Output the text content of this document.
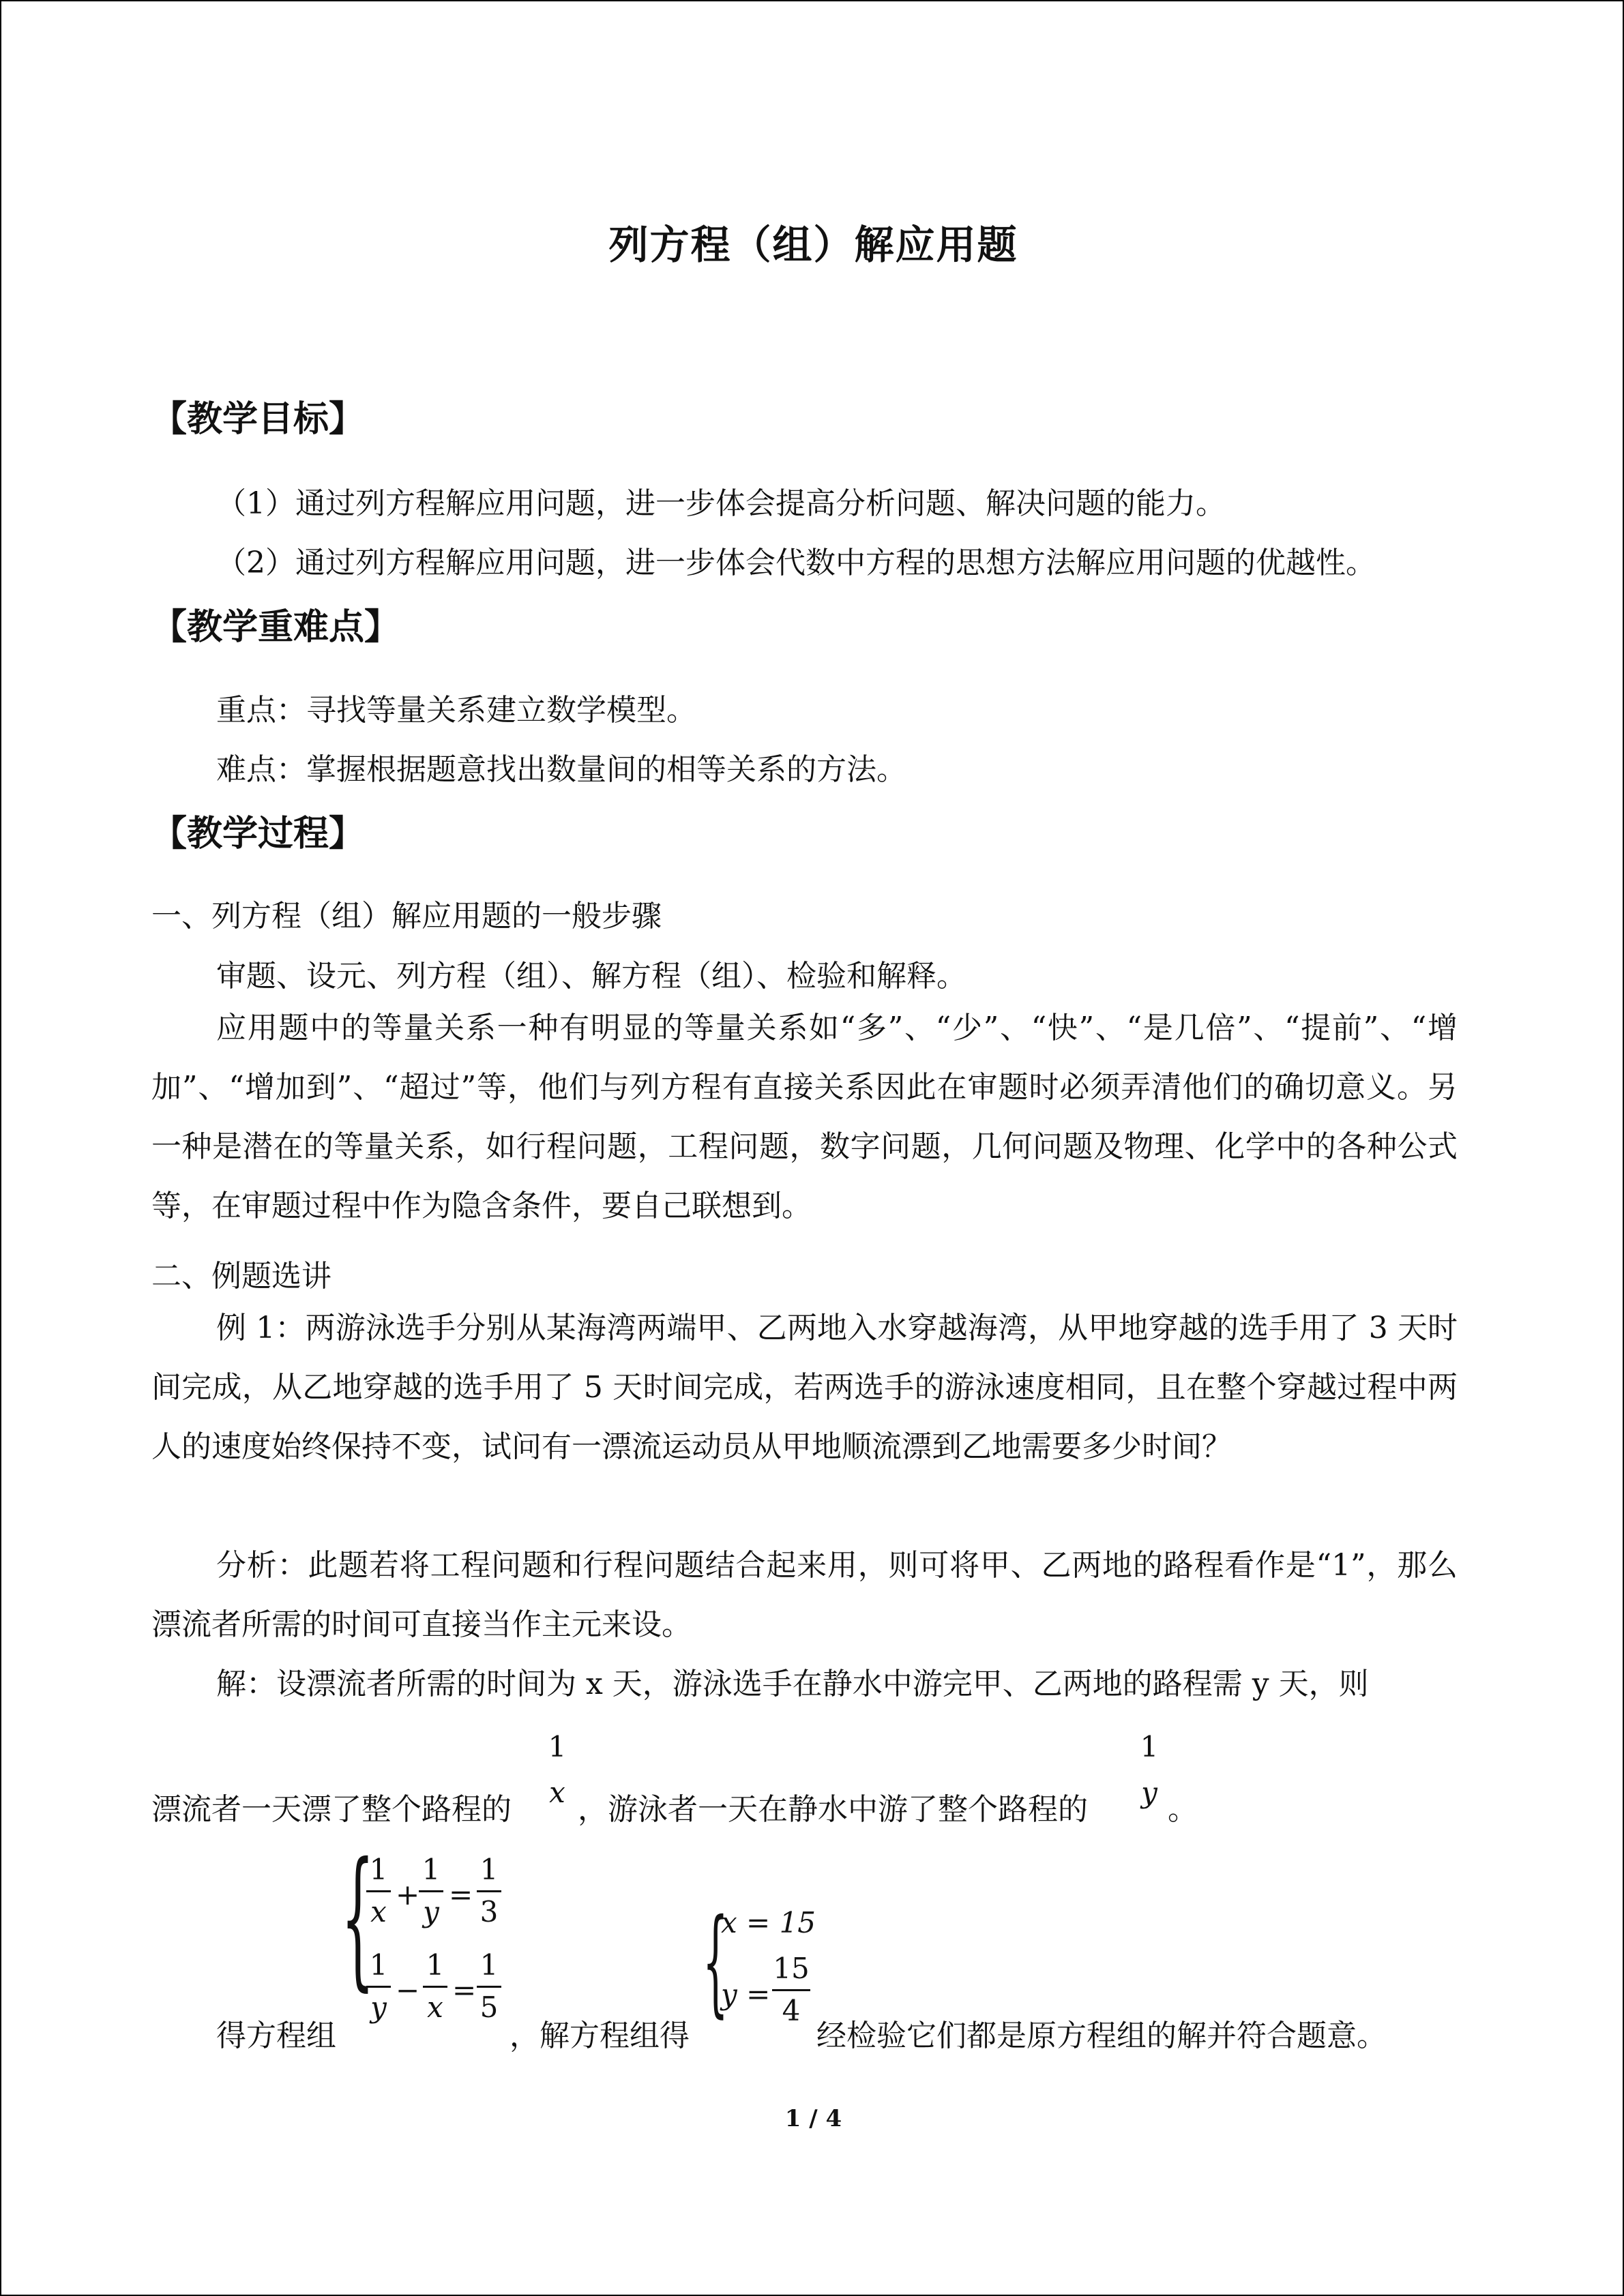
列方程（组）解应用题
【教学目标】
（1）通过列方程解应用问题，进一步体会提高分析问题、解决问题的能力。
（2）通过列方程解应用问题，进一步体会代数中方程的思想方法解应用问题的优越性。
【教学重难点】
重点：寻找等量关系建立数学模型。
难点：掌握根据题意找出数量间的相等关系的方法。
【教学过程】
一、列方程（组）解应用题的一般步骤
审题、设元、列方程（组）、解方程（组）、检验和解释。
应用题中的等量关系一种有明显的等量关系如“多”、“少”、“快”、“是几倍”、“提前”、“增加”、“增加到”、“超过”等，他们与列方程有直接关系因此在审题时必须弄清他们的确切意义。另一种是潜在的等量关系，如行程问题，工程问题，数字问题，几何问题及物理、化学中的各种公式等，在审题过程中作为隐含条件，要自己联想到。
二、例题选讲
例 1：两游泳选手分别从某海湾两端甲、乙两地入水穿越海湾，从甲地穿越的选手用了 3 天时间完成，从乙地穿越的选手用了 5 天时间完成，若两选手的游泳速度相同，且在整个穿越过程中两人的速度始终保持不变，试问有一漂流运动员从甲地顺流漂到乙地需要多少时间？
分析：此题若将工程问题和行程问题结合起来用，则可将甲、乙两地的路程看作是“1”，那么漂流者所需的时间可直接当作主元来设。
解：设漂流者所需的时间为 x 天，游泳选手在静水中游完甲、乙两地的路程需 y 天，则
漂流者一天漂了整个路程的
1
x ，游泳者一天在静水中游了整个路程的
1
y 。
得方程组
{
1
x
+
1
y
=
1
3
1
y
−
1
x
=
1
5
，解方程组得
{
x = 15
y =
15
4
经检验它们都是原方程组的解并符合题意。
1 / 4
